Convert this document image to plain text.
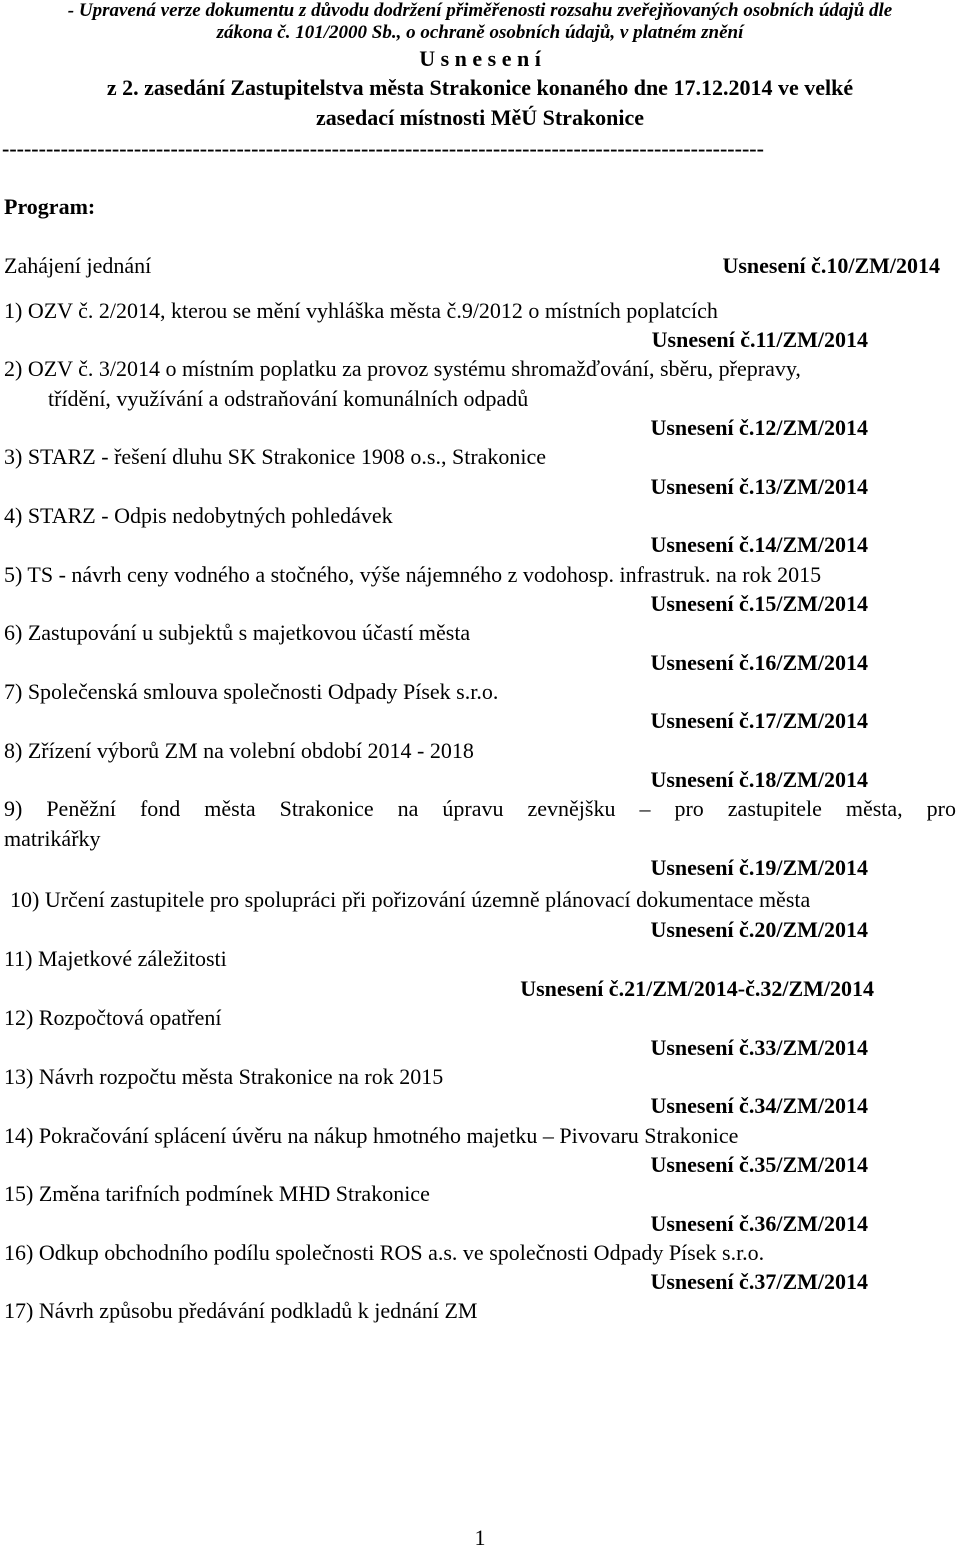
- Upravená verze dokumentu z důvodu dodržení přiměřenosti rozsahu zveřejňovaných osobních údajů dle
zákona č. 101/2000 Sb., o ochraně osobních údajů, v platném znění
U s n e s e n í
z 2. zasedání Zastupitelstva města Strakonice konaného dne 17.12.2014 ve velké
zasedací místnosti MěÚ Strakonice
--------------------------------------------------------------------------------------------------------
Program:
Zahájení jednání	Usnesení č.10/ZM/2014
1) OZV č. 2/2014, kterou se mění vyhláška města č.9/2012 o místních poplatcích
Usnesení č.11/ZM/2014
2) OZV č. 3/2014 o místním poplatku za provoz systému shromažďování, sběru, přepravy,
třídění, využívání a odstraňování komunálních odpadů
Usnesení č.12/ZM/2014
3) STARZ - řešení dluhu SK Strakonice 1908 o.s., Strakonice
Usnesení č.13/ZM/2014
4) STARZ - Odpis nedobytných pohledávek
Usnesení č.14/ZM/2014
5) TS - návrh ceny vodného a stočného, výše nájemného z vodohosp. infrastruk. na rok 2015
Usnesení č.15/ZM/2014
6) Zastupování u subjektů s majetkovou účastí města
Usnesení č.16/ZM/2014
7) Společenská smlouva společnosti Odpady Písek s.r.o.
Usnesení č.17/ZM/2014
8) Zřízení výborů ZM na volební období 2014 - 2018
Usnesení č.18/ZM/2014
9) Peněžní fond města Strakonice na úpravu zevnějšku – pro zastupitele města, pro
matrikářky
Usnesení č.19/ZM/2014
10) Určení zastupitele pro spolupráci při pořizování územně plánovací dokumentace města
Usnesení č.20/ZM/2014
11) Majetkové záležitosti
Usnesení č.21/ZM/2014-č.32/ZM/2014
12) Rozpočtová opatření
Usnesení č.33/ZM/2014
13) Návrh rozpočtu města Strakonice na rok 2015
Usnesení č.34/ZM/2014
14) Pokračování splácení úvěru na nákup hmotného majetku – Pivovaru Strakonice
Usnesení č.35/ZM/2014
15) Změna tarifních podmínek MHD Strakonice
Usnesení č.36/ZM/2014
16) Odkup obchodního podílu společnosti ROS a.s. ve společnosti Odpady Písek s.r.o.
Usnesení č.37/ZM/2014
17) Návrh způsobu předávání podkladů k jednání ZM
1
